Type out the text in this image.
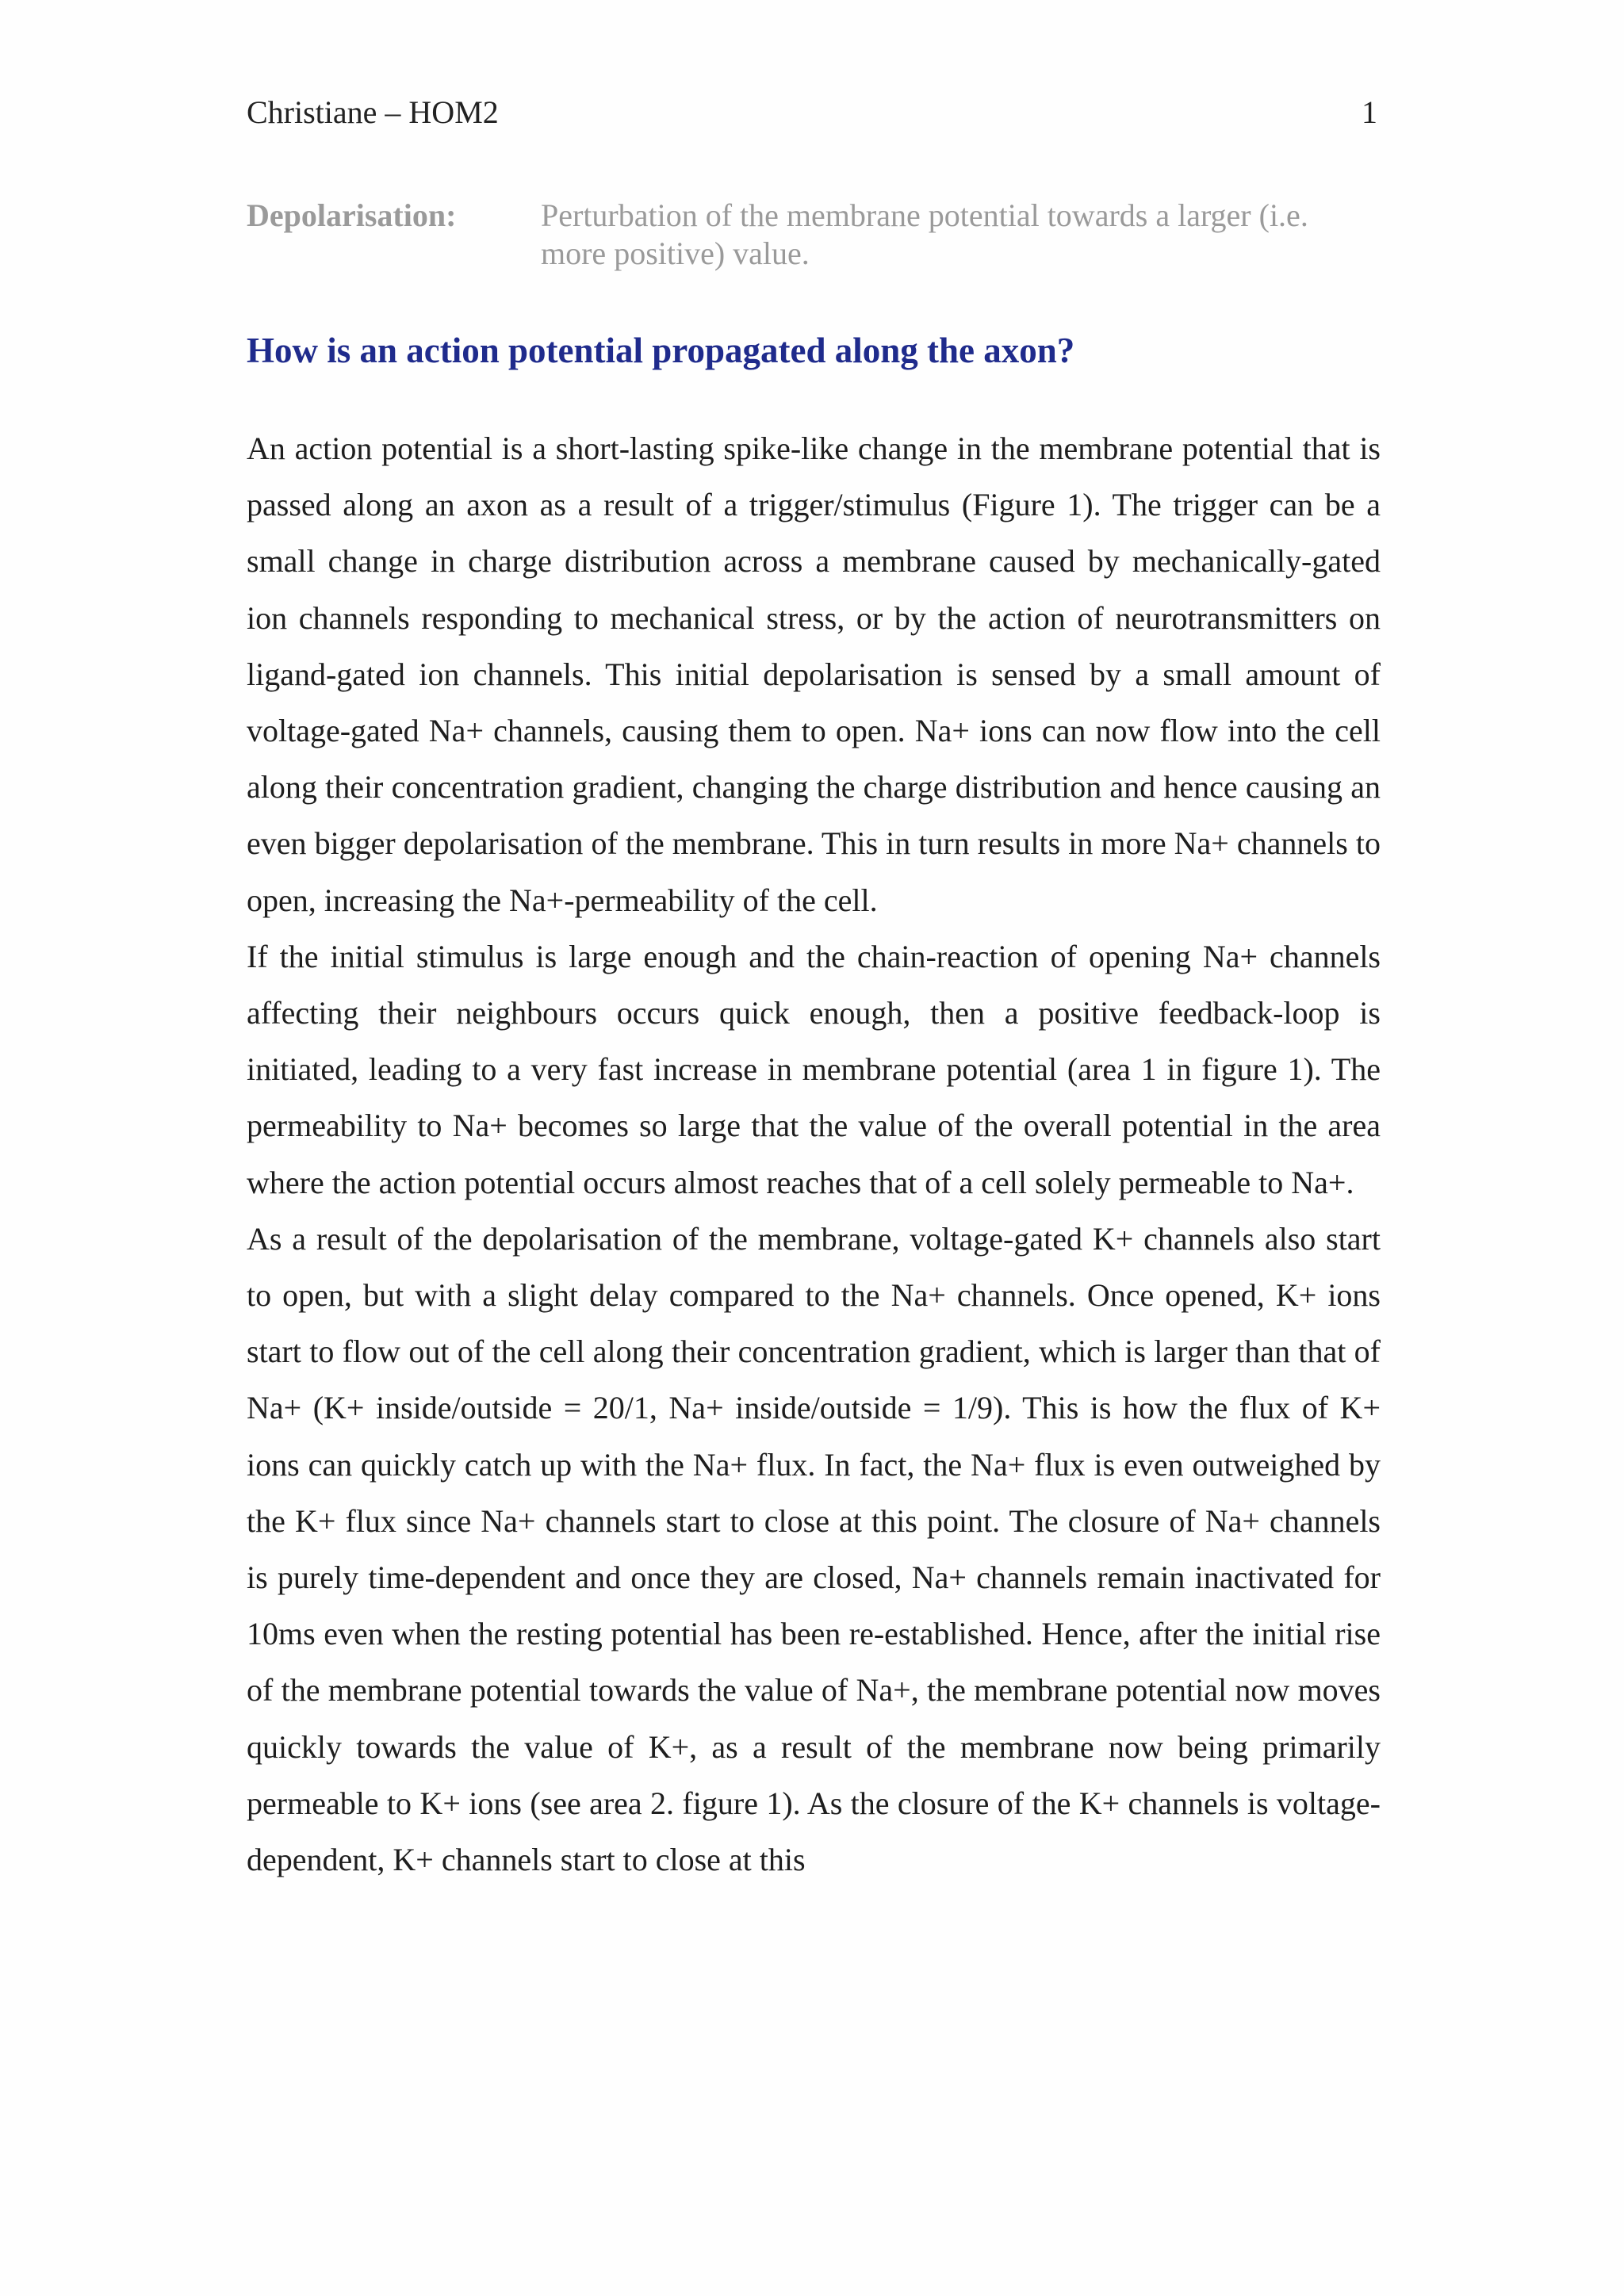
Christiane – HOM2	1
Depolarisation:	Perturbation of the membrane potential towards a larger (i.e. more positive) value.
How is an action potential propagated along the axon?

An action potential is a short-lasting spike-like change in the membrane potential that is passed along an axon as a result of a trigger/stimulus (Figure 1). The trigger can be a small change in charge distribution across a membrane caused by mechanically-gated ion channels responding to mechanical stress, or by the action of neurotransmitters on ligand-gated ion channels. This initial depolarisation is sensed by a small amount of voltage-gated Na+ channels, causing them to open. Na+ ions can now flow into the cell along their concentration gradient, changing the charge distribution and hence causing an even bigger depolarisation of the membrane. This in turn results in more Na+ channels to open, increasing the Na+-permeability of the cell.

If the initial stimulus is large enough and the chain-reaction of opening Na+ channels affecting their neighbours occurs quick enough, then a positive feedback-loop is initiated, leading to a very fast increase in membrane potential (area 1 in figure 1). The permeability to Na+ becomes so large that the value of the overall potential in the area where the action potential occurs almost reaches that of a cell solely permeable to Na+.

As a result of the depolarisation of the membrane, voltage-gated K+ channels also start to open, but with a slight delay compared to the Na+ channels. Once opened, K+ ions start to flow out of the cell along their concentration gradient, which is larger than that of Na+ (K+ inside/outside = 20/1, Na+ inside/outside = 1/9). This is how the flux of K+ ions can quickly catch up with the Na+ flux. In fact, the Na+ flux is even outweighed by the K+ flux since Na+ channels start to close at this point. The closure of Na+ channels is purely time-dependent and once they are closed, Na+ channels remain inactivated for 10ms even when the resting potential has been re-established. Hence, after the initial rise of the membrane potential towards the value of Na+, the membrane potential now moves quickly towards the value of K+, as a result of the membrane now being primarily permeable to K+ ions (see area 2. figure 1). As the closure of the K+ channels is voltage-dependent, K+ channels start to close at this
